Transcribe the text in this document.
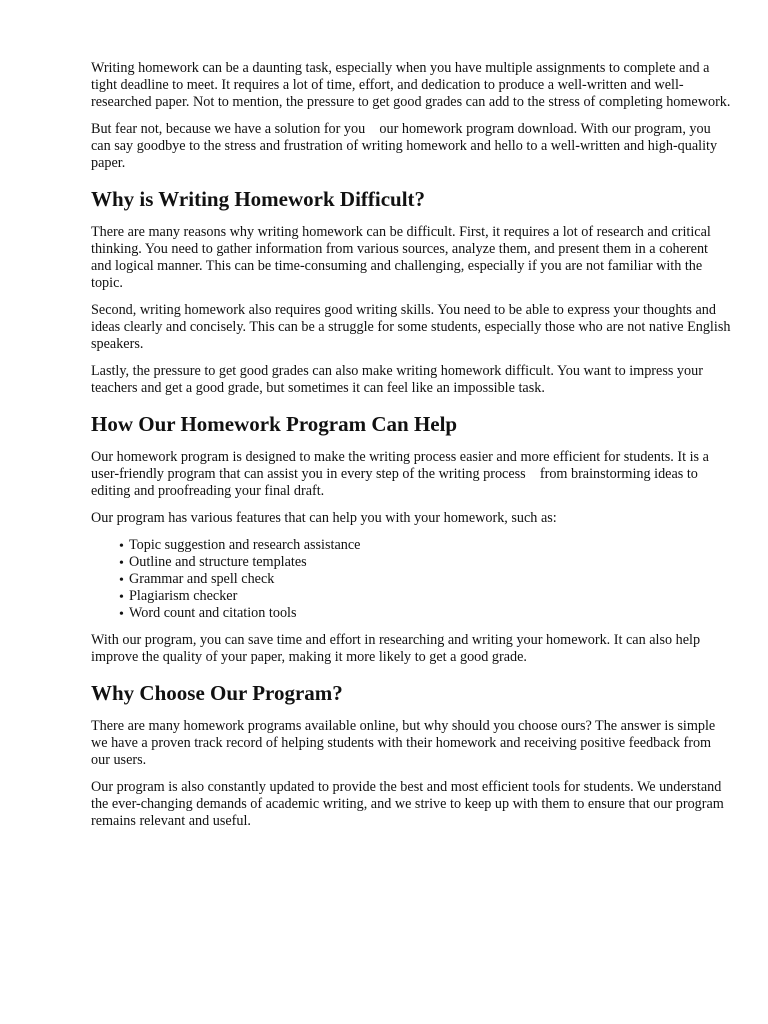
Writing homework can be a daunting task, especially when you have multiple assignments to complete and a tight deadline to meet. It requires a lot of time, effort, and dedication to produce a well-written and well-researched paper. Not to mention, the pressure to get good grades can add to the stress of completing homework.

But fear not, because we have a solution for you    our homework program download. With our program, you can say goodbye to the stress and frustration of writing homework and hello to a well-written and high-quality paper.

Why is Writing Homework Difficult?

There are many reasons why writing homework can be difficult. First, it requires a lot of research and critical thinking. You need to gather information from various sources, analyze them, and present them in a coherent and logical manner. This can be time-consuming and challenging, especially if you are not familiar with the topic.

Second, writing homework also requires good writing skills. You need to be able to express your thoughts and ideas clearly and concisely. This can be a struggle for some students, especially those who are not native English speakers.

Lastly, the pressure to get good grades can also make writing homework difficult. You want to impress your teachers and get a good grade, but sometimes it can feel like an impossible task.

How Our Homework Program Can Help

Our homework program is designed to make the writing process easier and more efficient for students. It is a user-friendly program that can assist you in every step of the writing process    from brainstorming ideas to editing and proofreading your final draft.

Our program has various features that can help you with your homework, such as:

• Topic suggestion and research assistance
• Outline and structure templates
• Grammar and spell check
• Plagiarism checker
• Word count and citation tools

With our program, you can save time and effort in researching and writing your homework. It can also help improve the quality of your paper, making it more likely to get a good grade.

Why Choose Our Program?

There are many homework programs available online, but why should you choose ours? The answer is simple    we have a proven track record of helping students with their homework and receiving positive feedback from our users.

Our program is also constantly updated to provide the best and most efficient tools for students. We understand the ever-changing demands of academic writing, and we strive to keep up with them to ensure that our program remains relevant and useful.
